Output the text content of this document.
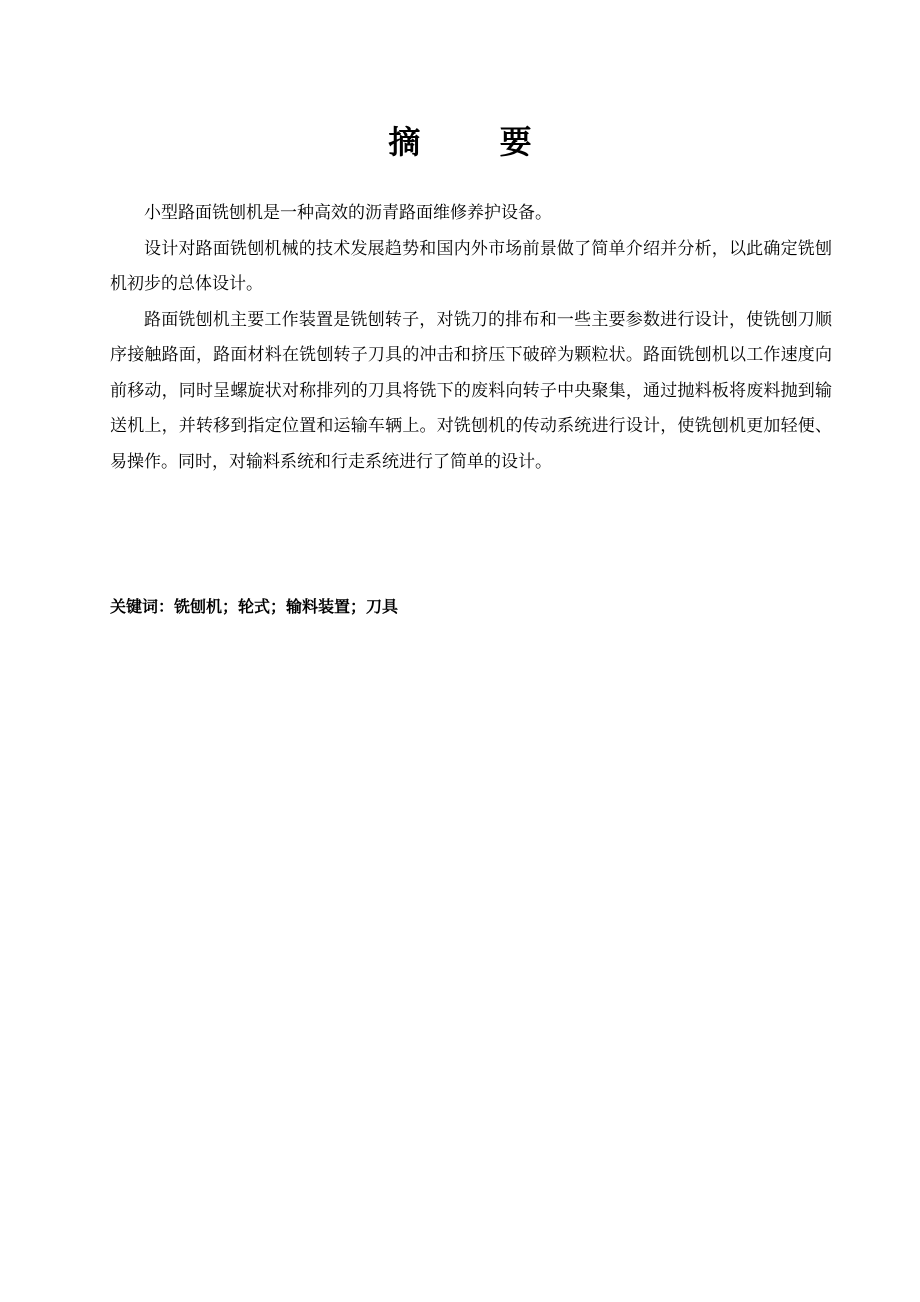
摘 要

小型路面铣刨机是一种高效的沥青路面维修养护设备。

设计对路面铣刨机械的技术发展趋势和国内外市场前景做了简单介绍并分析，以此确定铣刨机初步的总体设计。

路面铣刨机主要工作装置是铣刨转子，对铣刀的排布和一些主要参数进行设计，使铣刨刀顺序接触路面，路面材料在铣刨转子刀具的冲击和挤压下破碎为颗粒状。路面铣刨机以工作速度向前移动，同时呈螺旋状对称排列的刀具将铣下的废料向转子中央聚集，通过抛料板将废料抛到输送机上，并转移到指定位置和运输车辆上。对铣刨机的传动系统进行设计，使铣刨机更加轻便、易操作。同时，对输料系统和行走系统进行了简单的设计。

关键词：铣刨机；轮式；输料装置；刀具
